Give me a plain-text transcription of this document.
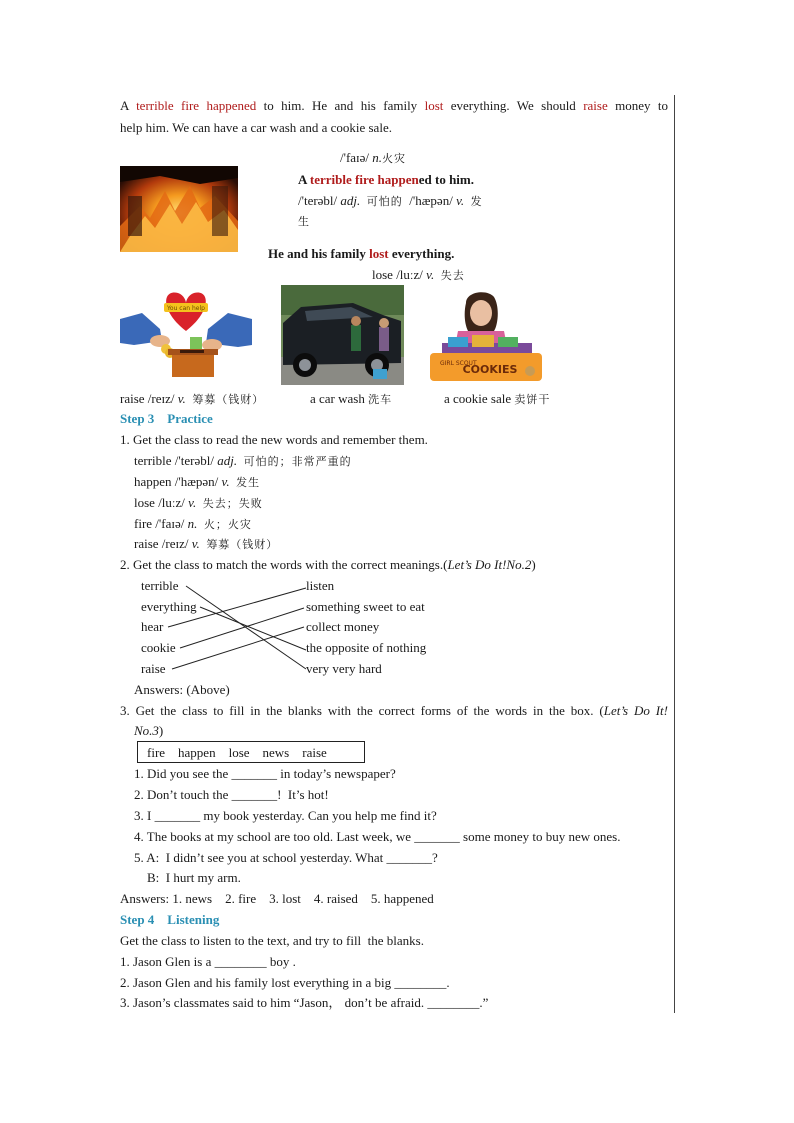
A terrible fire happened to him. He and his family lost everything. We should raise money to
help him. We can have a car wash and a cookie sale.
/'faɪə/ n.火灾
A terrible fire happened to him.
/'terəbl/ adj. 可怕的 /'hæpən/ v. 发
生
He and his family lost everything.
lose /luːz/ v. 失去
You can help
GIRL SCOUT
COOKIES
raise /reɪz/ v. 筹募（钱财）	a car wash 洗车	a cookie sale 卖饼干
Step 3    Practice
1. Get the class to read the new words and remember them.
terrible /'terəbl/ adj. 可怕的；非常严重的
happen /'hæpən/ v. 发生
lose /luːz/ v. 失去；失败
fire /'faɪə/ n. 火；火灾
raise /reɪz/ v. 筹募（钱财）
2. Get the class to match the words with the correct meanings.(Let’s Do It!No.2)
terrible
everything
hear
cookie
raise
listen
something sweet to eat
collect money
the opposite of nothing
very very hard
Answers: (Above)
3. Get the class to fill in the blanks with the correct forms of the words in the box. (Let’s Do It!
No.3)
fire    happen    lose    news    raise
1. Did you see the _______ in today’s newspaper?
2. Don’t touch the _______!  It’s hot!
3. I _______ my book yesterday. Can you help me find it?
4. The books at my school are too old. Last week, we _______ some money to buy new ones.
5. A:  I didn’t see you at school yesterday. What _______?
B:  I hurt my arm.
Answers: 1. news    2. fire    3. lost    4. raised    5. happened
Step 4    Listening
Get the class to listen to the text, and try to fill  the blanks.
1. Jason Glen is a ________ boy .
2. Jason Glen and his family lost everything in a big ________.
3. Jason’s classmates said to him “Jason， don’t be afraid. ________.”
